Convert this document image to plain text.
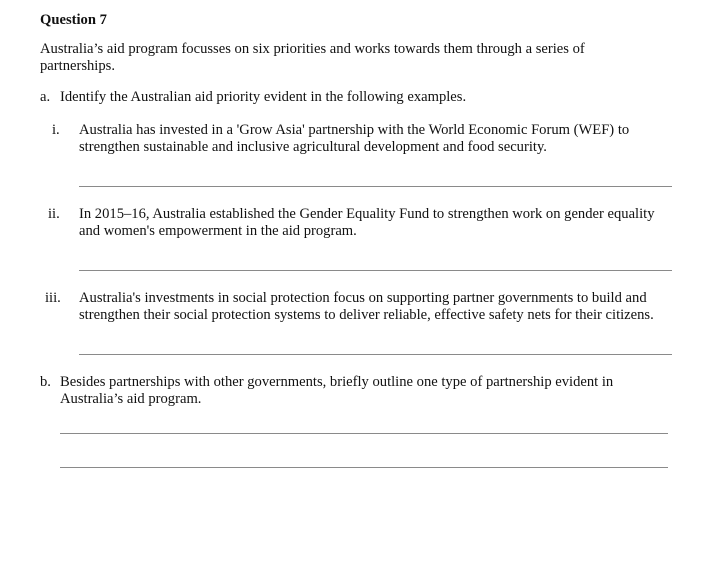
Question 7
Australia’s aid program focusses on six priorities and works towards them through a series of
partnerships.
a. Identify the Australian aid priority evident in the following examples.
i. Australia has invested in a 'Grow Asia' partnership with the World Economic Forum (WEF) to
strengthen sustainable and inclusive agricultural development and food security.
ii. In 2015–16, Australia established the Gender Equality Fund to strengthen work on gender equality
and women's empowerment in the aid program.
iii. Australia's investments in social protection focus on supporting partner governments to build and
strengthen their social protection systems to deliver reliable, effective safety nets for their citizens.
b. Besides partnerships with other governments, briefly outline one type of partnership evident in
Australia’s aid program.
